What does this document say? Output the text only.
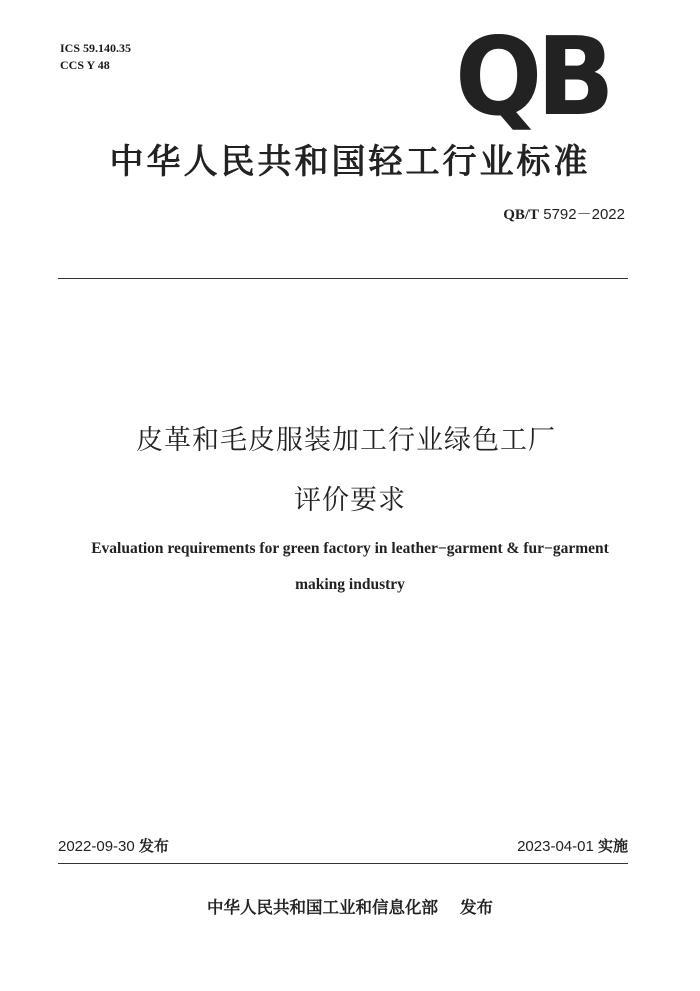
ICS 59.140.35
CCS Y 48	QB
中华人民共和国轻工行业标准
QB/T 5792－2022
皮革和毛皮服装加工行业绿色工厂
评价要求
Evaluation requirements for green factory in leather−garment & fur−garment
making industry
2022-09-30 发布	2023-04-01 实施
中华人民共和国工业和信息化部 发布
